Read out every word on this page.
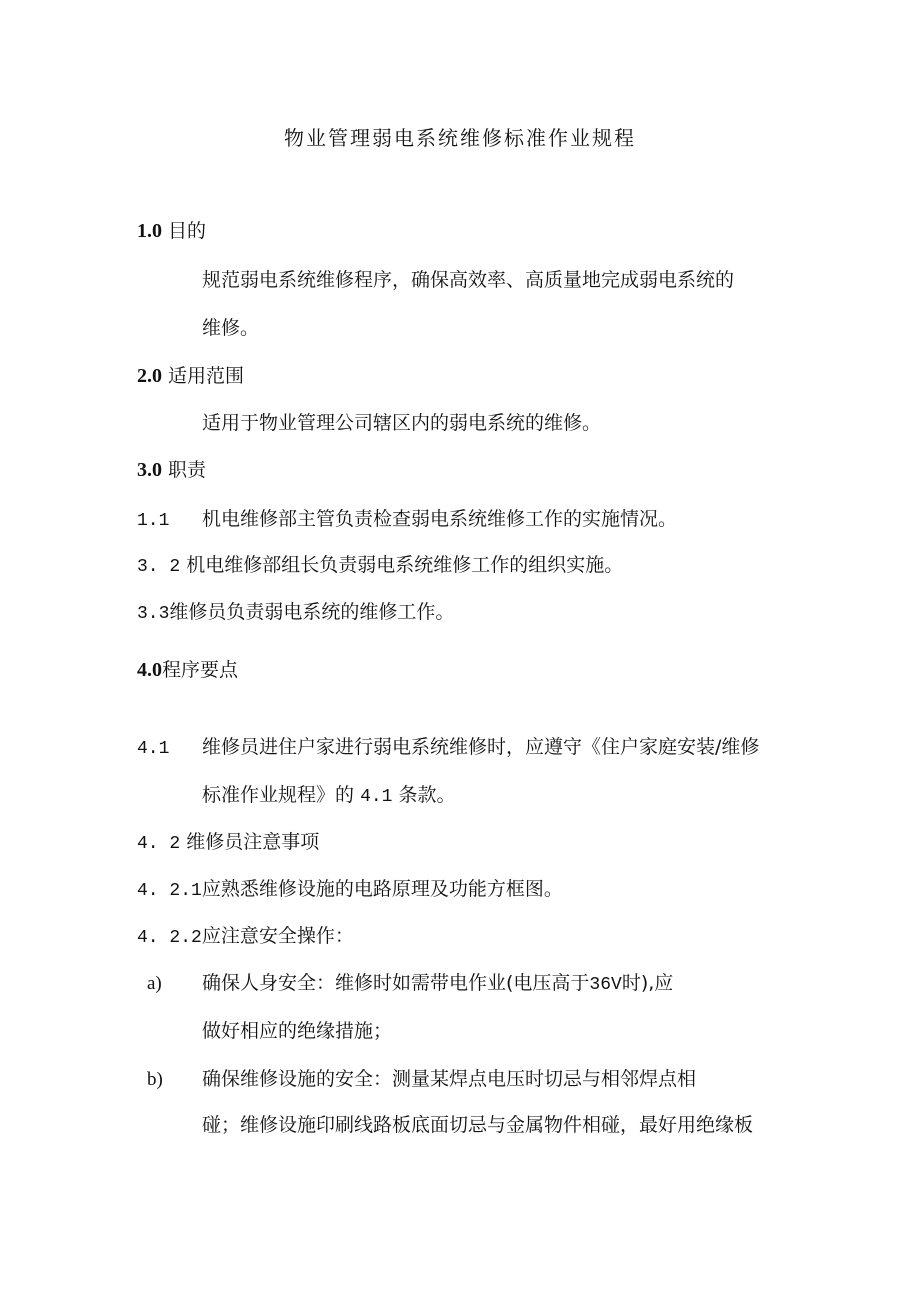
物业管理弱电系统维修标准作业规程
1.0 目的
规范弱电系统维修程序，确保高效率、高质量地完成弱电系统的
维修。
2.0 适用范围
适用于物业管理公司辖区内的弱电系统的维修。
3.0 职责
1.1 机电维修部主管负责检查弱电系统维修工作的实施情况。
3. 2 机电维修部组长负责弱电系统维修工作的组织实施。
3.3维修员负责弱电系统的维修工作。
4.0程序要点
4.1 维修员进住户家进行弱电系统维修时，应遵守《住户家庭安装/维修
标准作业规程》的 4.1 条款。
4. 2 维修员注意事项
4. 2.1应熟悉维修设施的电路原理及功能方框图。
4. 2.2应注意安全操作：
a) 确保人身安全：维修时如需带电作业(电压高于36V时),应
做好相应的绝缘措施；
b) 确保维修设施的安全：测量某焊点电压时切忌与相邻焊点相
碰；维修设施印刷线路板底面切忌与金属物件相碰，最好用绝缘板
